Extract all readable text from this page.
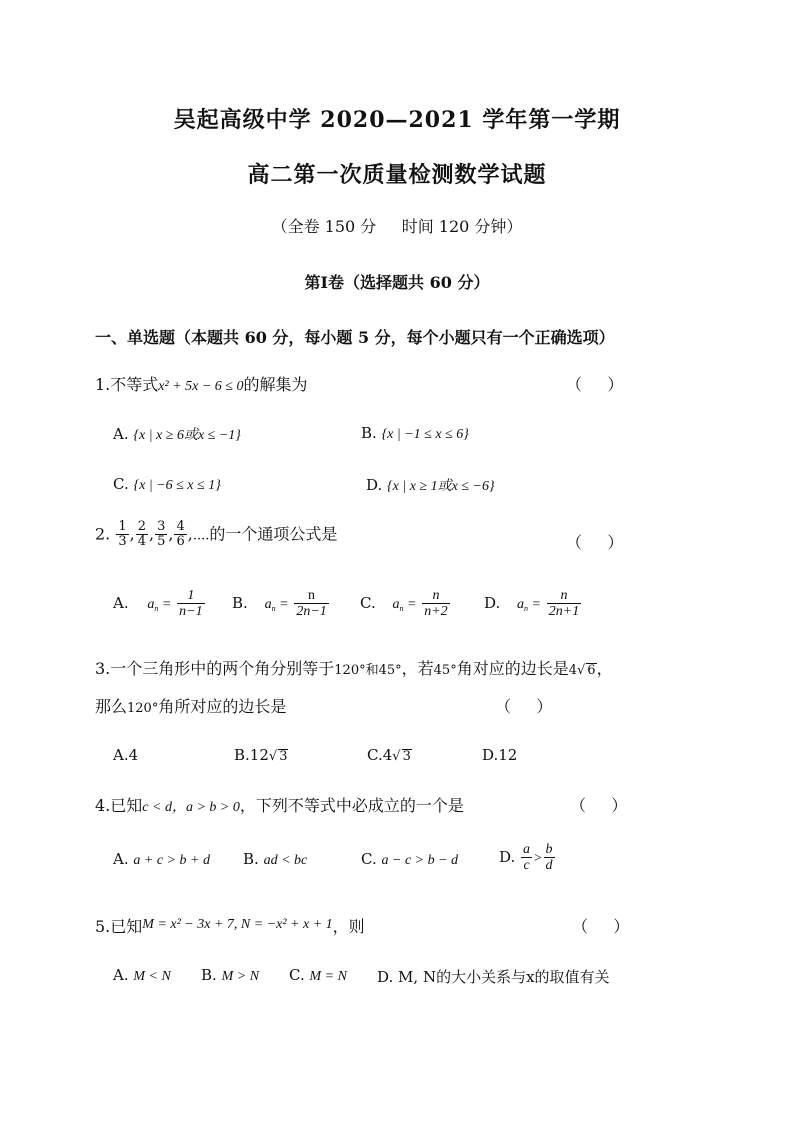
吴起高级中学 2020—2021 学年第一学期
高二第一次质量检测数学试题
（全卷 150 分     时间 120 分钟）
第Ⅰ卷（选择题共 60 分）
一、单选题（本题共 60 分，每小题 5 分，每个小题只有一个正确选项）
1.不等式x² + 5x − 6 ≤ 0的解集为	（     ）
A. {x | x ≥ 6或x ≤ −1}	B. {x | −1 ≤ x ≤ 6}
C. {x | −6 ≤ x ≤ 1}	D. {x | x ≥ 1或x ≤ −6}
2. $\frac{1}{3}$ , $\frac{2}{4}$ , $\frac{3}{5}$ , $\frac{4}{6}$ ,....的一个通项公式是	（     ）
A. $a_n = \frac{1}{n-1} B$. $a_n = \frac{n}{2n-1} C$. $a_n = \frac{n}{n+2} D$. $a_n = \frac{n}{2n+1}$
3.一个三角形中的两个角分别等于120°和45°，若45°角对应的边长是4√ 6，
那么120°角所对应的边长是	（     ）
A.4	B.12√ 3	C.4√ 3	D.12
4.已知c < d，a > b > 0，下列不等式中必成立的一个是	（     ）
A. a + c > b + d B. ad < bc	C. a − c > b − d	D. $\frac{a}{c} > \frac{b}{d}$
5.已知M = x² − 3x + 7, N = −x² + x + 1，则	（     ）
A. M < N B. M > N C. M = N D. M, N的大小关系与x的取值有关
